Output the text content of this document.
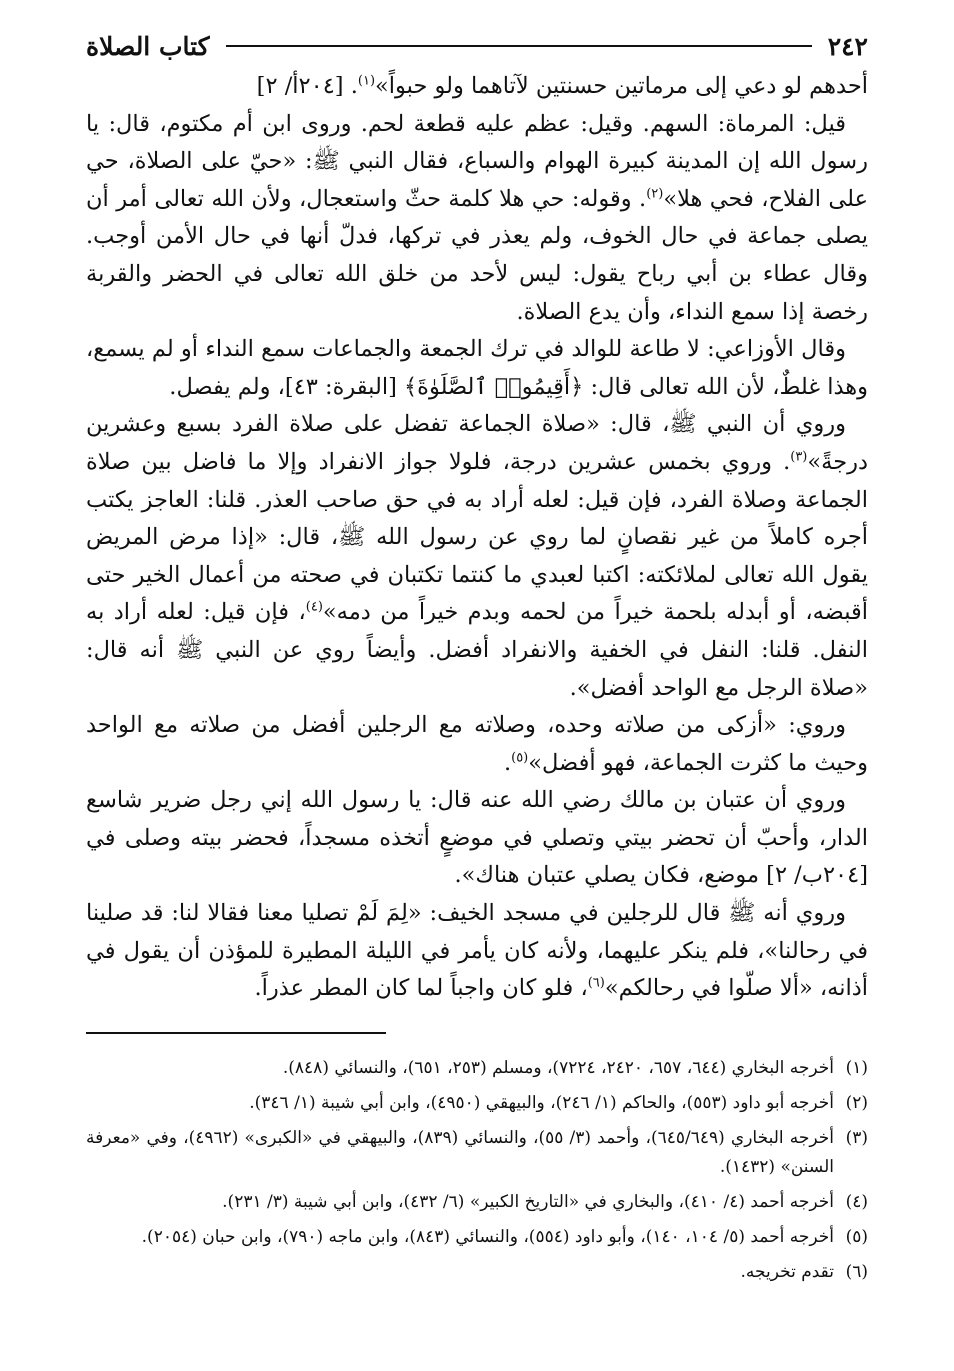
٢٤٢
كتاب الصلاة

أحدهم لو دعي إلى مرماتين حسنتين لآتاهما ولو حبواً»$^{(١)}$. [٢٠٤أ/ ٢]

قيل: المرماة: السهم. وقيل: عظم عليه قطعة لحم. وروى ابن أم مكتوم، قال: يا رسول الله إن المدينة كبيرة الهوام والسباع، فقال النبي ﷺ: «حيّ على الصلاة، حي على الفلاح، فحي هلا»$^{(٢)}$. وقوله: حي هلا كلمة حثّ واستعجال، ولأن الله تعالى أمر أن يصلى جماعة في حال الخوف، ولم يعذر في تركها، فدلّ أنها في حال الأمن أوجب. وقال عطاء بن أبي رباح يقول: ليس لأحد من خلق الله تعالى في الحضر والقربة رخصة إذا سمع النداء، وأن يدع الصلاة.

وقال الأوزاعي: لا طاعة للوالد في ترك الجمعة والجماعات سمع النداء أو لم يسمع، وهذا غلطٌ، لأن الله تعالى قال: ﴿أَقِيمُوا۟ ٱلصَّلَوٰةَ﴾ [البقرة: ٤٣]، ولم يفصل.

وروي أن النبي ﷺ، قال: «صلاة الجماعة تفضل على صلاة الفرد بسبع وعشرين درجةً»$^{(٣)}$. وروي بخمس عشرين درجة، فلولا جواز الانفراد وإلا ما فاضل بين صلاة الجماعة وصلاة الفرد، فإن قيل: لعله أراد به في حق صاحب العذر. قلنا: العاجز يكتب أجره كاملاً من غير نقصانٍ لما روي عن رسول الله ﷺ، قال: «إذا مرض المريض يقول الله تعالى لملائكته: اكتبا لعبدي ما كنتما تكتبان في صحته من أعمال الخير حتى أقبضه، أو أبدله بلحمة خيراً من لحمه وبدم خيراً من دمه»$^{(٤)}$، فإن قيل: لعله أراد به النفل. قلنا: النفل في الخفية والانفراد أفضل. وأيضاً روي عن النبي ﷺ أنه قال: «صلاة الرجل مع الواحد أفضل».

وروي: «أزكى من صلاته وحده، وصلاته مع الرجلين أفضل من صلاته مع الواحد وحيث ما كثرت الجماعة، فهو أفضل»$^{(٥)}$.

وروي أن عتبان بن مالك رضي الله عنه قال: يا رسول الله إني رجل ضرير شاسع الدار، وأحبّ أن تحضر بيتي وتصلي في موضعٍ أتخذه مسجداً، فحضر بيته وصلى في [٢٠٤ب/ ٢] موضع، فكان يصلي عتبان هناك».

وروي أنه ﷺ قال للرجلين في مسجد الخيف: «لِمَ لَمْ تصليا معنا فقالا لنا: قد صلينا في رحالنا»، فلم ينكر عليهما، ولأنه كان يأمر في الليلة المطيرة للمؤذن أن يقول في أذانه، «ألا صلّوا في رحالكم»$^{(٦)}$، فلو كان واجباً لما كان المطر عذراً.

(١)
أخرجه البخاري (٦٤٤، ٦٥٧، ٢٤٢٠، ٧٢٢٤)، ومسلم (٢٥٣، ٦٥١)، والنسائي (٨٤٨).
(٢)
أخرجه أبو داود (٥٥٣)، والحاكم (١/ ٢٤٦)، والبيهقي (٤٩٥٠)، وابن أبي شيبة (١/ ٣٤٦).
(٣)
أخرجه البخاري (٦٤٥/٦٤٩)، وأحمد (٣/ ٥٥)، والنسائي (٨٣٩)، والبيهقي في «الكبرى» (٤٩٦٢)، وفي «معرفة السنن» (١٤٣٢).
(٤)
أخرجه أحمد (٤/ ٤١٠)، والبخاري في «التاريخ الكبير» (٦/ ٤٣٢)، وابن أبي شيبة (٣/ ٢٣١).
(٥)
أخرجه أحمد (٥/ ١٠٤، ١٤٠)، وأبو داود (٥٥٤)، والنسائي (٨٤٣)، وابن ماجه (٧٩٠)، وابن حبان (٢٠٥٤).
(٦)
تقدم تخريجه.
